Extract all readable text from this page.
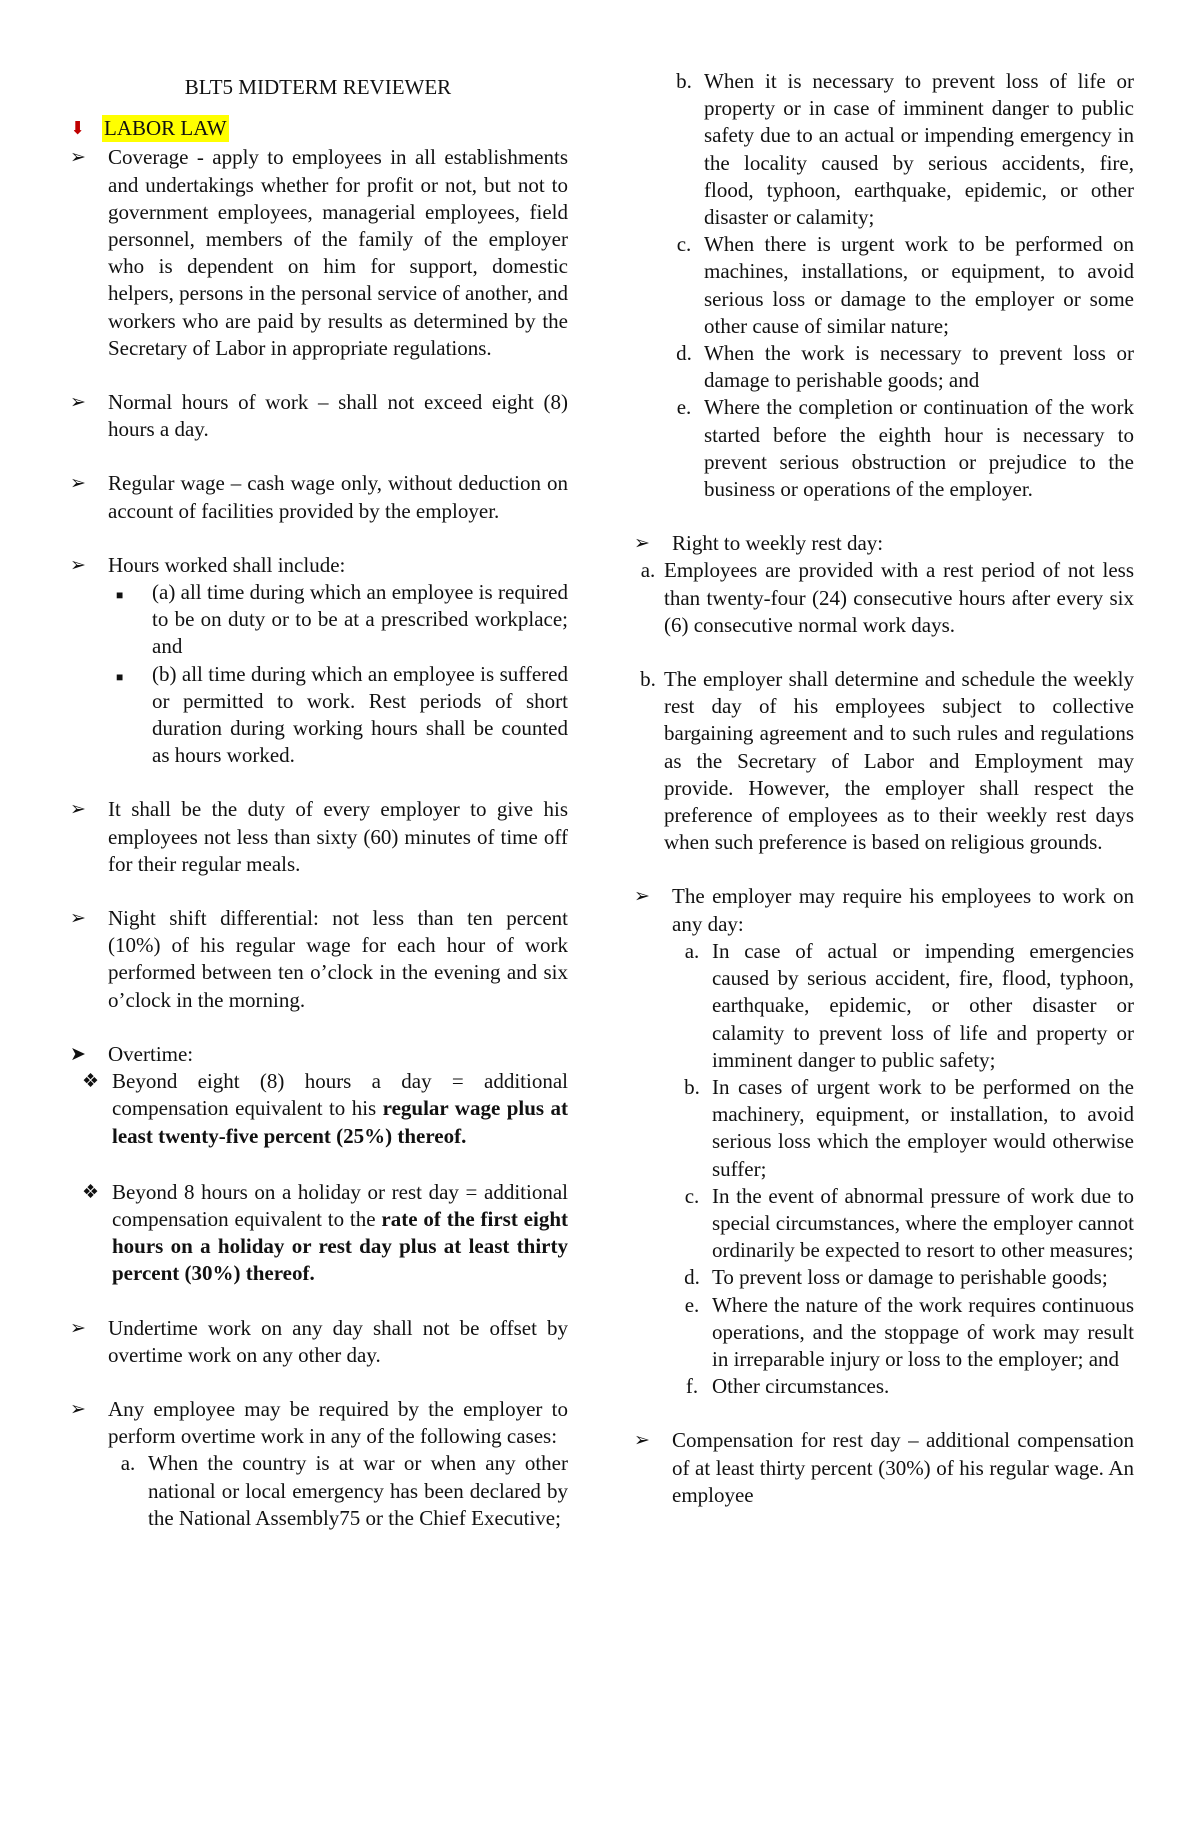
BLT5 MIDTERM REVIEWER
⬇ LABOR LAW
➢	Coverage - apply to employees in all establishments and undertakings whether for profit or not, but not to government employees, managerial employees, field personnel, members of the family of the employer who is dependent on him for support, domestic helpers, persons in the personal service of another, and workers who are paid by results as determined by the Secretary of Labor in appropriate regulations.
➢	Normal hours of work – shall not exceed eight (8) hours a day.
➢	Regular wage – cash wage only, without deduction on account of facilities provided by the employer.
➢	Hours worked shall include:
■	(a) all time during which an employee is required to be on duty or to be at a prescribed workplace; and
■	(b) all time during which an employee is suffered or permitted to work. Rest periods of short duration during working hours shall be counted as hours worked.
➢	It shall be the duty of every employer to give his employees not less than sixty (60) minutes of time off for their regular meals.
➢	Night shift differential: not less than ten percent (10%) of his regular wage for each hour of work performed between ten o’clock in the evening and six o’clock in the morning.
➤	Overtime:
❖ Beyond eight (8) hours a day = additional compensation equivalent to his regular wage plus at least twenty-five percent (25%) thereof.
❖ Beyond 8 hours on a holiday or rest day = additional compensation equivalent to the rate of the first eight hours on a holiday or rest day plus at least thirty percent (30%) thereof.
➢	Undertime work on any day shall not be offset by overtime work on any other day.
➢	Any employee may be required by the employer to perform overtime work in any of the following cases:
a. When the country is at war or when any other national or local emergency has been declared by the National Assembly75 or the Chief Executive;
b. When it is necessary to prevent loss of life or property or in case of imminent danger to public safety due to an actual or impending emergency in the locality caused by serious accidents, fire, flood, typhoon, earthquake, epidemic, or other disaster or calamity;
c. When there is urgent work to be performed on machines, installations, or equipment, to avoid serious loss or damage to the employer or some other cause of similar nature;
d. When the work is necessary to prevent loss or damage to perishable goods; and
e. Where the completion or continuation of the work started before the eighth hour is necessary to prevent serious obstruction or prejudice to the business or operations of the employer.
➢	Right to weekly rest day:
a. Employees are provided with a rest period of not less than twenty-four (24) consecutive hours after every six (6) consecutive normal work days.
b. The employer shall determine and schedule the weekly rest day of his employees subject to collective bargaining agreement and to such rules and regulations as the Secretary of Labor and Employment may provide. However, the employer shall respect the preference of employees as to their weekly rest days when such preference is based on religious grounds.
➢	The employer may require his employees to work on any day:
a. In case of actual or impending emergencies caused by serious accident, fire, flood, typhoon, earthquake, epidemic, or other disaster or calamity to prevent loss of life and property or imminent danger to public safety;
b. In cases of urgent work to be performed on the machinery, equipment, or installation, to avoid serious loss which the employer would otherwise suffer;
c. In the event of abnormal pressure of work due to special circumstances, where the employer cannot ordinarily be expected to resort to other measures;
d. To prevent loss or damage to perishable goods;
e. Where the nature of the work requires continuous operations, and the stoppage of work may result in irreparable injury or loss to the employer; and
f. Other circumstances.
➢	Compensation for rest day – additional compensation of at least thirty percent (30%) of his regular wage. An employee
